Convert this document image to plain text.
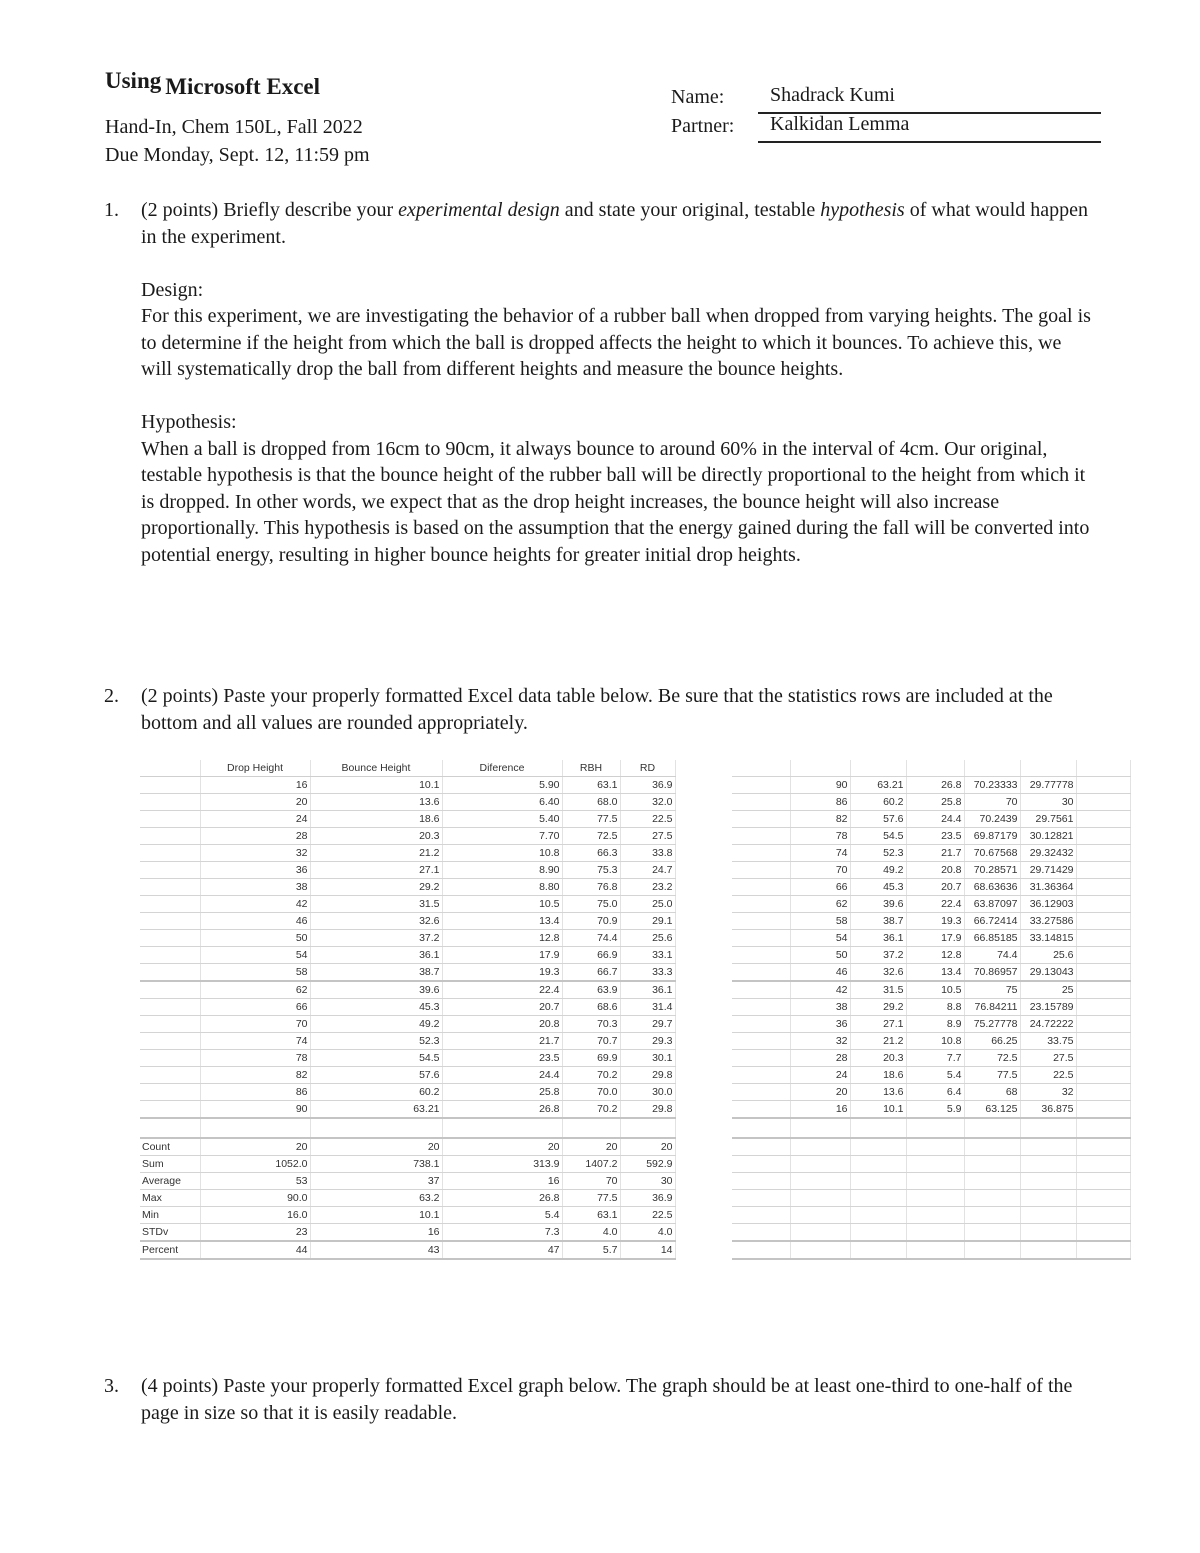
Using Microsoft Excel
Hand-In, Chem 150L, Fall 2022
Due Monday, Sept. 12, 11:59 pm
Name:	Shadrack Kumi
Partner:	Kalkidan Lemma
1. (2 points) Briefly describe your experimental design and state your original, testable hypothesis of what would happen in the experiment.

Design:

For this experiment, we are investigating the behavior of a rubber ball when dropped from varying heights. The goal is to determine if the height from which the ball is dropped affects the height to which it bounces. To achieve this, we will systematically drop the ball from different heights and measure the bounce heights.

Hypothesis:

When a ball is dropped from 16cm to 90cm, it always bounce to around 60% in the interval of 4cm. Our original, testable hypothesis is that the bounce height of the rubber ball will be directly proportional to the height from which it is dropped. In other words, we expect that as the drop height increases, the bounce height will also increase proportionally. This hypothesis is based on the assumption that the energy gained during the fall will be converted into potential energy, resulting in higher bounce heights for greater initial drop heights.

2. (2 points) Paste your properly formatted Excel data table below. Be sure that the statistics rows are included at the bottom and all values are rounded appropriately.

	Drop Height	Bounce Height	Diference	RBH	RD
	16	10.1	5.90	63.1	36.9
	20	13.6	6.40	68.0	32.0
	24	18.6	5.40	77.5	22.5
	28	20.3	7.70	72.5	27.5
	32	21.2	10.8	66.3	33.8
	36	27.1	8.90	75.3	24.7
	38	29.2	8.80	76.8	23.2
	42	31.5	10.5	75.0	25.0
	46	32.6	13.4	70.9	29.1
	50	37.2	12.8	74.4	25.6
	54	36.1	17.9	66.9	33.1
	58	38.7	19.3	66.7	33.3
	62	39.6	22.4	63.9	36.1
	66	45.3	20.7	68.6	31.4
	70	49.2	20.8	70.3	29.7
	74	52.3	21.7	70.7	29.3
	78	54.5	23.5	69.9	30.1
	82	57.6	24.4	70.2	29.8
	86	60.2	25.8	70.0	30.0
	90	63.21	26.8	70.2	29.8

Count	20	20	20	20	20
Sum	1052.0	738.1	313.9	1407.2	592.9
Average	53	37	16	70	30
Max	90.0	63.2	26.8	77.5	36.9
Min	16.0	10.1	5.4	63.1	22.5
STDv	23	16	7.3	4.0	4.0
Percent	44	43	47	5.7	14

	90	63.21	26.8	70.23333	29.77778	
	86	60.2	25.8	70	30	
	82	57.6	24.4	70.2439	29.7561	
	78	54.5	23.5	69.87179	30.12821	
	74	52.3	21.7	70.67568	29.32432	
	70	49.2	20.8	70.28571	29.71429	
	66	45.3	20.7	68.63636	31.36364	
	62	39.6	22.4	63.87097	36.12903	
	58	38.7	19.3	66.72414	33.27586	
	54	36.1	17.9	66.85185	33.14815	
	50	37.2	12.8	74.4	25.6	
	46	32.6	13.4	70.86957	29.13043	
	42	31.5	10.5	75	25	
	38	29.2	8.8	76.84211	23.15789	
	36	27.1	8.9	75.27778	24.72222	
	32	21.2	10.8	66.25	33.75	
	28	20.3	7.7	72.5	27.5	
	24	18.6	5.4	77.5	22.5	
	20	13.6	6.4	68	32	
	16	10.1	5.9	63.125	36.875	

3. (4 points) Paste your properly formatted Excel graph below. The graph should be at least one-third to one-half of the page in size so that it is easily readable.
